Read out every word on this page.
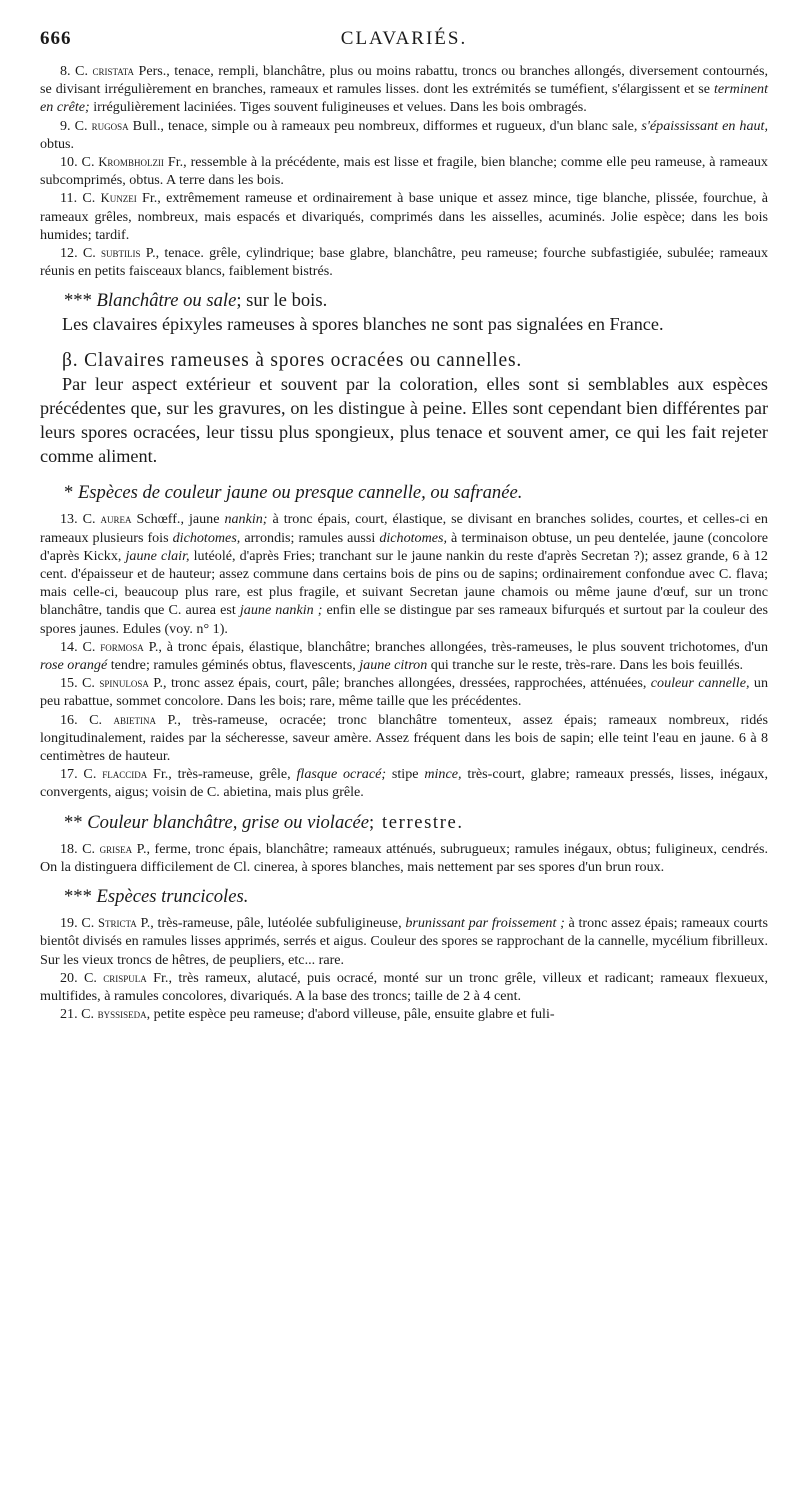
666	CLAVARIÉS.

8. C. cristata Pers., tenace, rempli, blanchâtre, plus ou moins rabattu, troncs ou branches allongés, diversement contournés, se divisant irrégulièrement en branches, rameaux et ramules lisses. dont les extrémités se tuméfient, s'élargissent et se terminent en crête; irrégulièrement laciniées. Tiges souvent fuligineuses et velues. Dans les bois ombragés.

9. C. rugosa Bull., tenace, simple ou à rameaux peu nombreux, difformes et rugueux, d'un blanc sale, s'épaississant en haut, obtus.

10. C. Krombholzii Fr., ressemble à la précédente, mais est lisse et fragile, bien blanche; comme elle peu rameuse, à rameaux subcomprimés, obtus. A terre dans les bois.

11. C. Kunzei Fr., extrêmement rameuse et ordinairement à base unique et assez mince, tige blanche, plissée, fourchue, à rameaux grêles, nombreux, mais espacés et divariqués, comprimés dans les aisselles, acuminés. Jolie espèce; dans les bois humides; tardif.

12. C. subtilis P., tenace. grêle, cylindrique; base glabre, blanchâtre, peu rameuse; fourche subfastigiée, subulée; rameaux réunis en petits faisceaux blancs, faiblement bistrés.

*** Blanchâtre ou sale; sur le bois.

Les clavaires épixyles rameuses à spores blanches ne sont pas signalées en France.

β. Clavaires rameuses à spores ocracées ou cannelles.

Par leur aspect extérieur et souvent par la coloration, elles sont si semblables aux espèces précédentes que, sur les gravures, on les distingue à peine. Elles sont cependant bien différentes par leurs spores ocracées, leur tissu plus spongieux, plus tenace et souvent amer, ce qui les fait rejeter comme aliment.

* Espèces de couleur jaune ou presque cannelle, ou safranée.

13. C. aurea Schœff., jaune nankin; à tronc épais, court, élastique, se divisant en branches solides, courtes, et celles-ci en rameaux plusieurs fois dichotomes, arrondis; ramules aussi dichotomes, à terminaison obtuse, un peu dentelée, jaune (concolore d'après Kickx, jaune clair, lutéolé, d'après Fries; tranchant sur le jaune nankin du reste d'après Secretan ?); assez grande, 6 à 12 cent. d'épaisseur et de hauteur; assez commune dans certains bois de pins ou de sapins; ordinairement confondue avec C. flava; mais celle-ci, beaucoup plus rare, est plus fragile, et suivant Secretan jaune chamois ou même jaune d'œuf, sur un tronc blanchâtre, tandis que C. aurea est jaune nankin ; enfin elle se distingue par ses rameaux bifurqués et surtout par la couleur des spores jaunes. Edules (voy. n° 1).

14. C. formosa P., à tronc épais, élastique, blanchâtre; branches allongées, très-rameuses, le plus souvent trichotomes, d'un rose orangé tendre; ramules géminés obtus, flavescents, jaune citron qui tranche sur le reste, très-rare. Dans les bois feuillés.

15. C. spinulosa P., tronc assez épais, court, pâle; branches allongées, dressées, rapprochées, atténuées, couleur cannelle, un peu rabattue, sommet concolore. Dans les bois; rare, même taille que les précédentes.

16. C. abietina P., très-rameuse, ocracée; tronc blanchâtre tomenteux, assez épais; rameaux nombreux, ridés longitudinalement, raides par la sécheresse, saveur amère. Assez fréquent dans les bois de sapin; elle teint l'eau en jaune. 6 à 8 centimètres de hauteur.

17. C. flaccida Fr., très-rameuse, grêle, flasque ocracé; stipe mince, très-court, glabre; rameaux pressés, lisses, inégaux, convergents, aigus; voisin de C. abietina, mais plus grêle.

** Couleur blanchâtre, grise ou violacée; terrestre.

18. C. grisea P., ferme, tronc épais, blanchâtre; rameaux atténués, subrugueux; ramules inégaux, obtus; fuligineux, cendrés. On la distinguera difficilement de Cl. cinerea, à spores blanches, mais nettement par ses spores d'un brun roux.

*** Espèces truncicoles.

19. C. Stricta P., très-rameuse, pâle, lutéolée subfuligineuse, brunissant par froissement ; à tronc assez épais; rameaux courts bientôt divisés en ramules lisses apprimés, serrés et aigus. Couleur des spores se rapprochant de la cannelle, mycélium fibrilleux. Sur les vieux troncs de hêtres, de peupliers, etc... rare.

20. C. crispula Fr., très rameux, alutacé, puis ocracé, monté sur un tronc grêle, villeux et radicant; rameaux flexueux, multifides, à ramules concolores, divariqués. A la base des troncs; taille de 2 à 4 cent.

21. C. byssiseda, petite espèce peu rameuse; d'abord villeuse, pâle, ensuite glabre et fuli-
